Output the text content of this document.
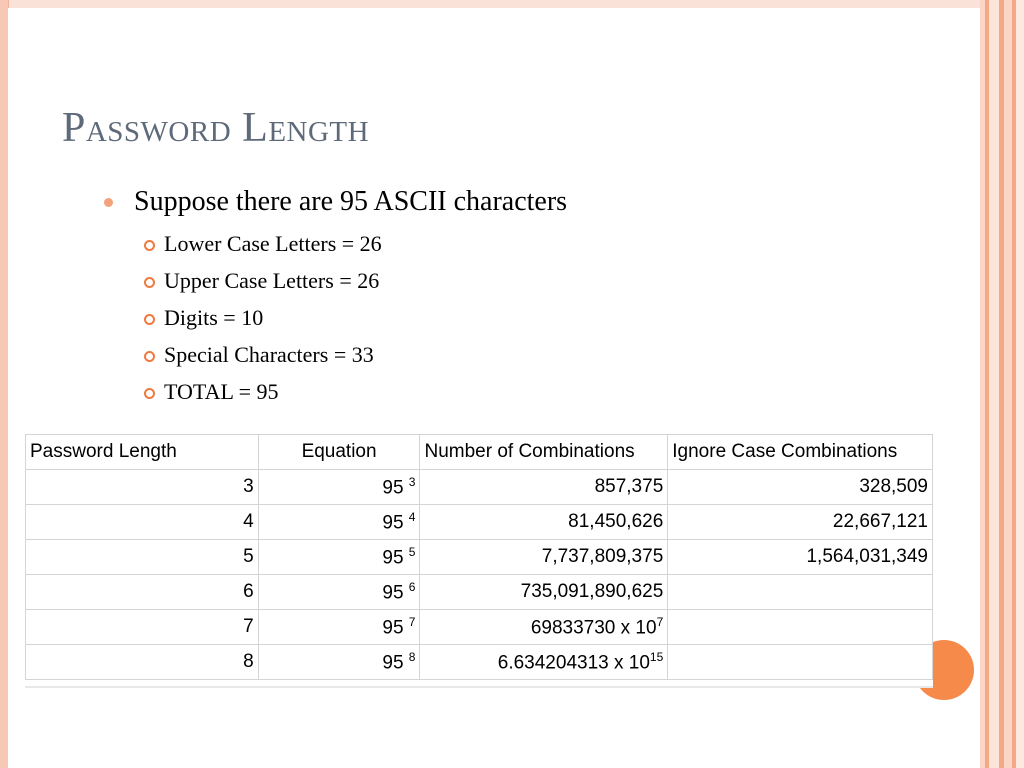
Password Length
Suppose there are 95 ASCII characters
Lower Case Letters = 26
Upper Case Letters = 26
Digits = 10
Special Characters = 33
TOTAL = 95
Password Length	Equation	Number of Combinations	Ignore Case Combinations
3	95 $^3$	857,375	328,509
4	95 $^4$	81,450,626	22,667,121
5	95 $^5$	7,737,809,375	1,564,031,349
6	95 $^6$	735,091,890,625	
7	95 $^7$	69833730 x $10^7$	
8	95 $^8$	6.634204313 x $10^{15}$	
